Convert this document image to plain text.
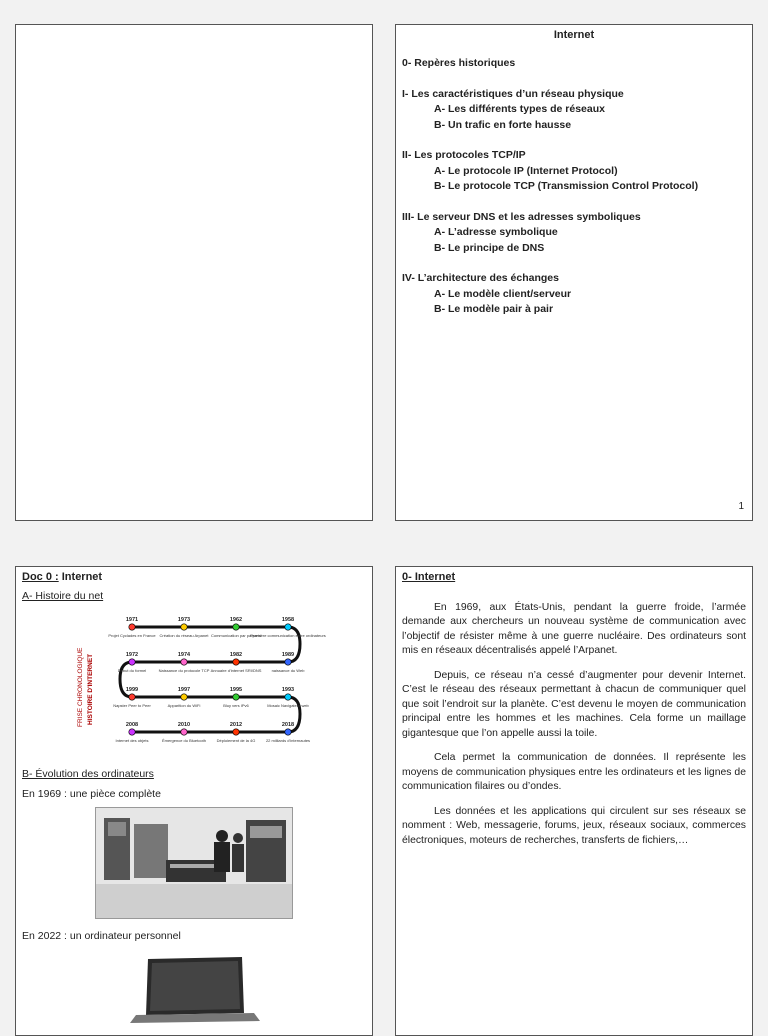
Internet
0- Repères historiques
I- Les caractéristiques d’un réseau physique
A- Les différents types de réseaux
B- Un trafic en forte hausse
II- Les protocoles TCP/IP
A- Le protocole IP (Internet Protocol)
B- Le protocole TCP (Transmission Control Protocol)
III- Le serveur DNS et les adresses symboliques
A- L’adresse symbolique
B- Le principe de DNS
IV- L’architecture des échanges
A- Le modèle client/serveur
B- Le modèle pair à pair
1
Doc 0 : Internet
A- Histoire du net
FRISE CHRONOLOGIQUE HISTOIRE D'INTERNET
1971
Projet Cyclades en France
1973
Création du réseau Arpanet
1962
Communication par paquets
1958
Première communication entre ordinateurs
1972
Début du formel
1974
Naissance du protocole TCP
1982
Annuaire d'internet SRI/DNS
1989
naissance du Web
1999
Napster Peer to Peer
1997
Apparition du WiFi
1995
Bluy vers IPv6
1993
Mosaic Navigateur web
2008
Internet des objets
2010
Émergence du Bluetooth
2012
Déploiement de la 4G
2018
22 milliards d'internautes
B- Évolution des ordinateurs
En 1969 : une pièce complète
En 2022 : un ordinateur personnel
0- Internet

En 1969, aux États-Unis, pendant la guerre froide, l’armée demande aux chercheurs un nouveau système de communication avec l’objectif de résister même à une guerre nucléaire. Des ordinateurs sont mis en réseaux décentralisés appelé l’Arpanet.

Depuis, ce réseau n’a cessé d’augmenter pour devenir Internet. C’est le réseau des réseaux permettant à chacun de communiquer quel que soit l’endroit sur la planète. C’est devenu le moyen de communication principal entre les hommes et les machines. Cela forme un maillage gigantesque que l’on appelle aussi la toile.

Cela permet la communication de données. Il représente les moyens de communication physiques entre les ordinateurs et les lignes de communication filaires ou d’ondes.

Les données et les applications qui circulent sur ses réseaux se nomment : Web, messagerie, forums, jeux, réseaux sociaux, commerces électroniques, moteurs de recherches, transferts de fichiers,…
